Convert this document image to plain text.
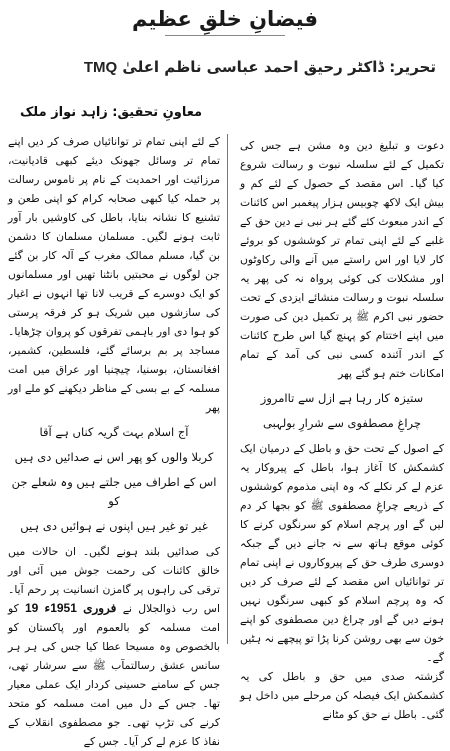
فیضانِ خلقِ عظیم
تحریر: ڈاکٹر رحیق احمد عباسی ناظم اعلیٰ TMQ
معاونِ تحقیق: زاہد نواز ملک

دعوت و تبلیغ دین وہ مشن ہے جس کی تکمیل کے لئے سلسلہ نبوت و رسالت شروع کیا گیا۔ اس مقصد کے حصول کے لئے کم و بیش ایک لاکھ چوبیس ہزار پیغمبر اس کائنات کے اندر مبعوث کئے گئے ہر نبی نے دین حق کے غلبے کے لئے اپنی تمام تر کوششوں کو بروئے کار لایا اور اس راستے میں آنے والی رکاوٹوں اور مشکلات کی کوئی پرواہ نہ کی پھر یہ سلسلہ نبوت و رسالت منشائے ایزدی کے تحت حضور نبی اکرم ﷺ پر تکمیل دین کی صورت میں اپنے اختتام کو پہنچ گیا اس طرح کائنات کے اندر آئندہ کسی نبی کی آمد کے تمام امکانات ختم ہو گئے پھر

ستیزہ کار رہا ہے ازل سے تاامروز

چراغِ مصطفوی سے شرارِ بولہبی

کے اصول کے تحت حق و باطل کے درمیان ایک کشمکش کا آغاز ہوا، باطل کے پیروکار یہ عزم لے کر نکلے کہ وہ اپنی مذموم کوششوں کے ذریعے چراغِ مصطفوی ﷺ کو بجھا کر دم لیں گے اور پرچم اسلام کو سرنگوں کرنے کا کوئی موقع ہاتھ سے نہ جانے دیں گے جبکہ دوسری طرف حق کے پیروکاروں نے اپنی تمام تر توانائیاں اس مقصد کے لئے صرف کر دیں کہ وہ پرچم اسلام کو کبھی سرنگوں نہیں ہونے دیں گے اور چراغ دین مصطفوی کو اپنے خون سے بھی روشن کرنا پڑا تو پیچھے نہ ہٹیں گے۔

گزشتہ صدی میں حق و باطل کی یہ کشمکش ایک فیصلہ کن مرحلے میں داخل ہو گئی۔ باطل نے حق کو مٹانے

کے لئے اپنی تمام تر توانائیاں صرف کر دیں اپنے تمام تر وسائل جھونک دیئے کبھی قادیانیت، مرزائیت اور احمدیت کے نام پر ناموس رسالت پر حملہ کیا کبھی صحابہ کرام کو اپنی طعن و تشنیع کا نشانہ بنایا، باطل کی کاوشیں بار آور ثابت ہونے لگیں۔ مسلمان مسلمان کا دشمن بن گیا، مسلم ممالک مغرب کے آلہ کار بن گئے جن لوگوں نے محبتیں بانٹنا تھیں اور مسلمانوں کو ایک دوسرے کے قریب لانا تھا انہوں نے اغیار کی سازشوں میں شریک ہو کر فرقہ پرستی کو ہوا دی اور باہمی تفرقوں کو پروان چڑھایا۔ مساجد پر بم برسائے گئے، فلسطین، کشمیر، افغانستان، بوسنیا، چیچنیا اور عراق میں امت مسلمہ کے بے بسی کے مناظر دیکھنے کو ملے اور پھر

آج اسلام بہت گریہ کناں ہے آقا

کربلا والوں کو پھر اس نے صدائیں دی ہیں

اس کے اطراف میں جلتے ہیں وہ شعلے جن کو

غیر تو غیر ہیں اپنوں نے ہوائیں دی ہیں

کی صدائیں بلند ہونے لگیں۔ ان حالات میں خالق کائنات کی رحمت جوش میں آئی اور ترقی کی راہوں پر گامزن انسانیت پر رحم آیا۔ اس رب ذوالجلال نے 19 فروری 1951ء کو امت مسلمہ کو بالعموم اور پاکستان کو بالخصوص وہ مسیحا عطا کیا جس کی ہر ہر سانس عشق رسالتمآب ﷺ سے سرشار تھی، جس کے سامنے حسینی کردار ایک عملی معیار تھا۔ جس کے دل میں امت مسلمہ کو متحد کرنے کی تڑپ تھی۔ جو مصطفوی انقلاب کے نفاذ کا عزم لے کر آیا۔ جس کے
